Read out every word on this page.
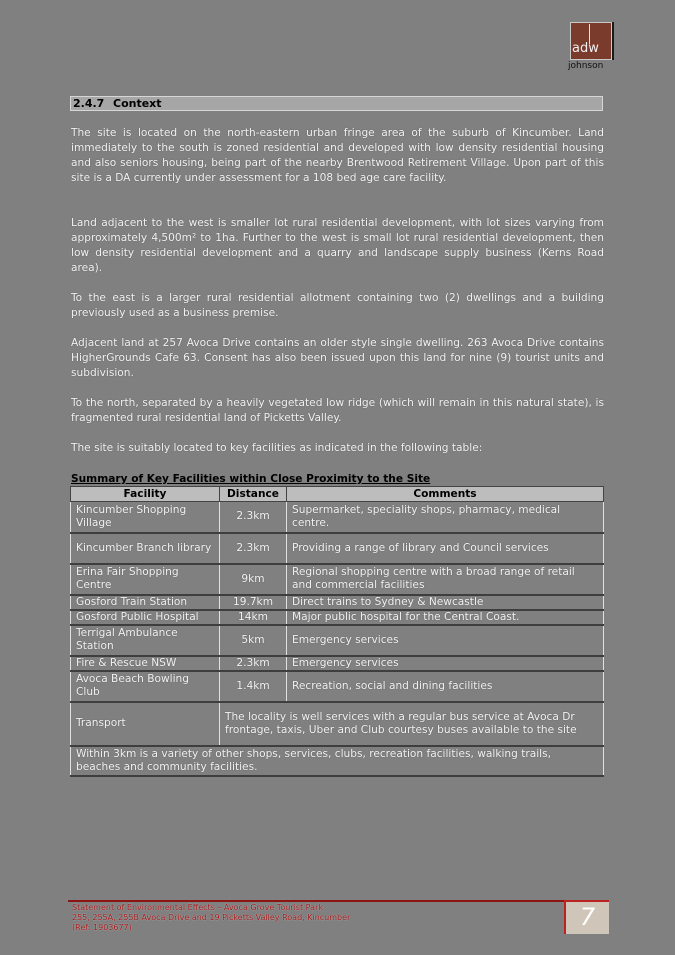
adw
johnson
2.4.7 Context

The site is located on the north-eastern urban fringe area of the suburb of Kincumber. Land immediately to the south is zoned residential and developed with low density residential housing and also seniors housing, being part of the nearby Brentwood Retirement Village. Upon part of this site is a DA currently under assessment for a 108 bed age care facility.

Land adjacent to the west is smaller lot rural residential development, with lot sizes varying from approximately 4,500m² to 1ha. Further to the west is small lot rural residential development, then low density residential development and a quarry and landscape supply business (Kerns Road area).

To the east is a larger rural residential allotment containing two (2) dwellings and a building previously used as a business premise.

Adjacent land at 257 Avoca Drive contains an older style single dwelling. 263 Avoca Drive contains HigherGrounds Cafe 63. Consent has also been issued upon this land for nine (9) tourist units and subdivision.

To the north, separated by a heavily vegetated low ridge (which will remain in this natural state), is fragmented rural residential land of Picketts Valley.

The site is suitably located to key facilities as indicated in the following table:

Summary of Key Facilities within Close Proximity to the Site
Facility	Distance	Comments
Kincumber Shopping Village	2.3km	Supermarket, speciality shops, pharmacy, medical centre.
Kincumber Branch library	2.3km	Providing a range of library and Council services
Erina Fair Shopping Centre	9km	Regional shopping centre with a broad range of retail and commercial facilities
Gosford Train Station	19.7km	Direct trains to Sydney & Newcastle
Gosford Public Hospital	14km	Major public hospital for the Central Coast.
Terrigal Ambulance Station	5km	Emergency services
Fire & Rescue NSW	2.3km	Emergency services
Avoca Beach Bowling Club	1.4km	Recreation, social and dining facilities
Transport	The locality is well services with a regular bus service at Avoca Dr frontage, taxis, Uber and Club courtesy buses available to the site	
Within 3km is a variety of other shops, services, clubs, recreation facilities, walking trails, beaches and community facilities.		
Statement of Environmental Effects – Avoca Grove Tourist Park
255, 255A, 255B Avoca Drive and 19 Picketts Valley Road, Kincumber
(Ref: 1903677)	7
